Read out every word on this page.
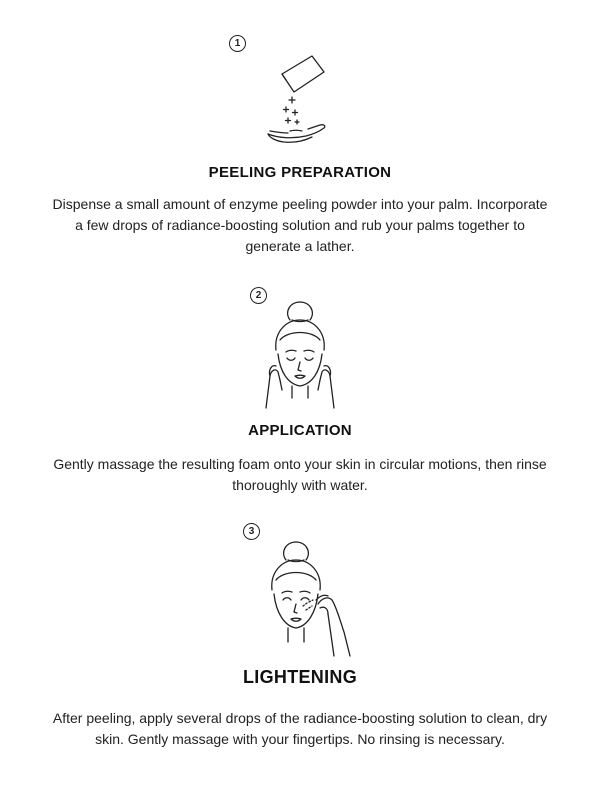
1
PEELING PREPARATION

Dispense a small amount of enzyme peeling powder into your palm. Incorporate a few drops of radiance-boosting solution and rub your palms together to generate a lather.

2
APPLICATION

Gently massage the resulting foam onto your skin in circular motions, then rinse thoroughly with water.

3
LIGHTENING

After peeling, apply several drops of the radiance-boosting solution to clean, dry skin. Gently massage with your fingertips. No rinsing is necessary.
